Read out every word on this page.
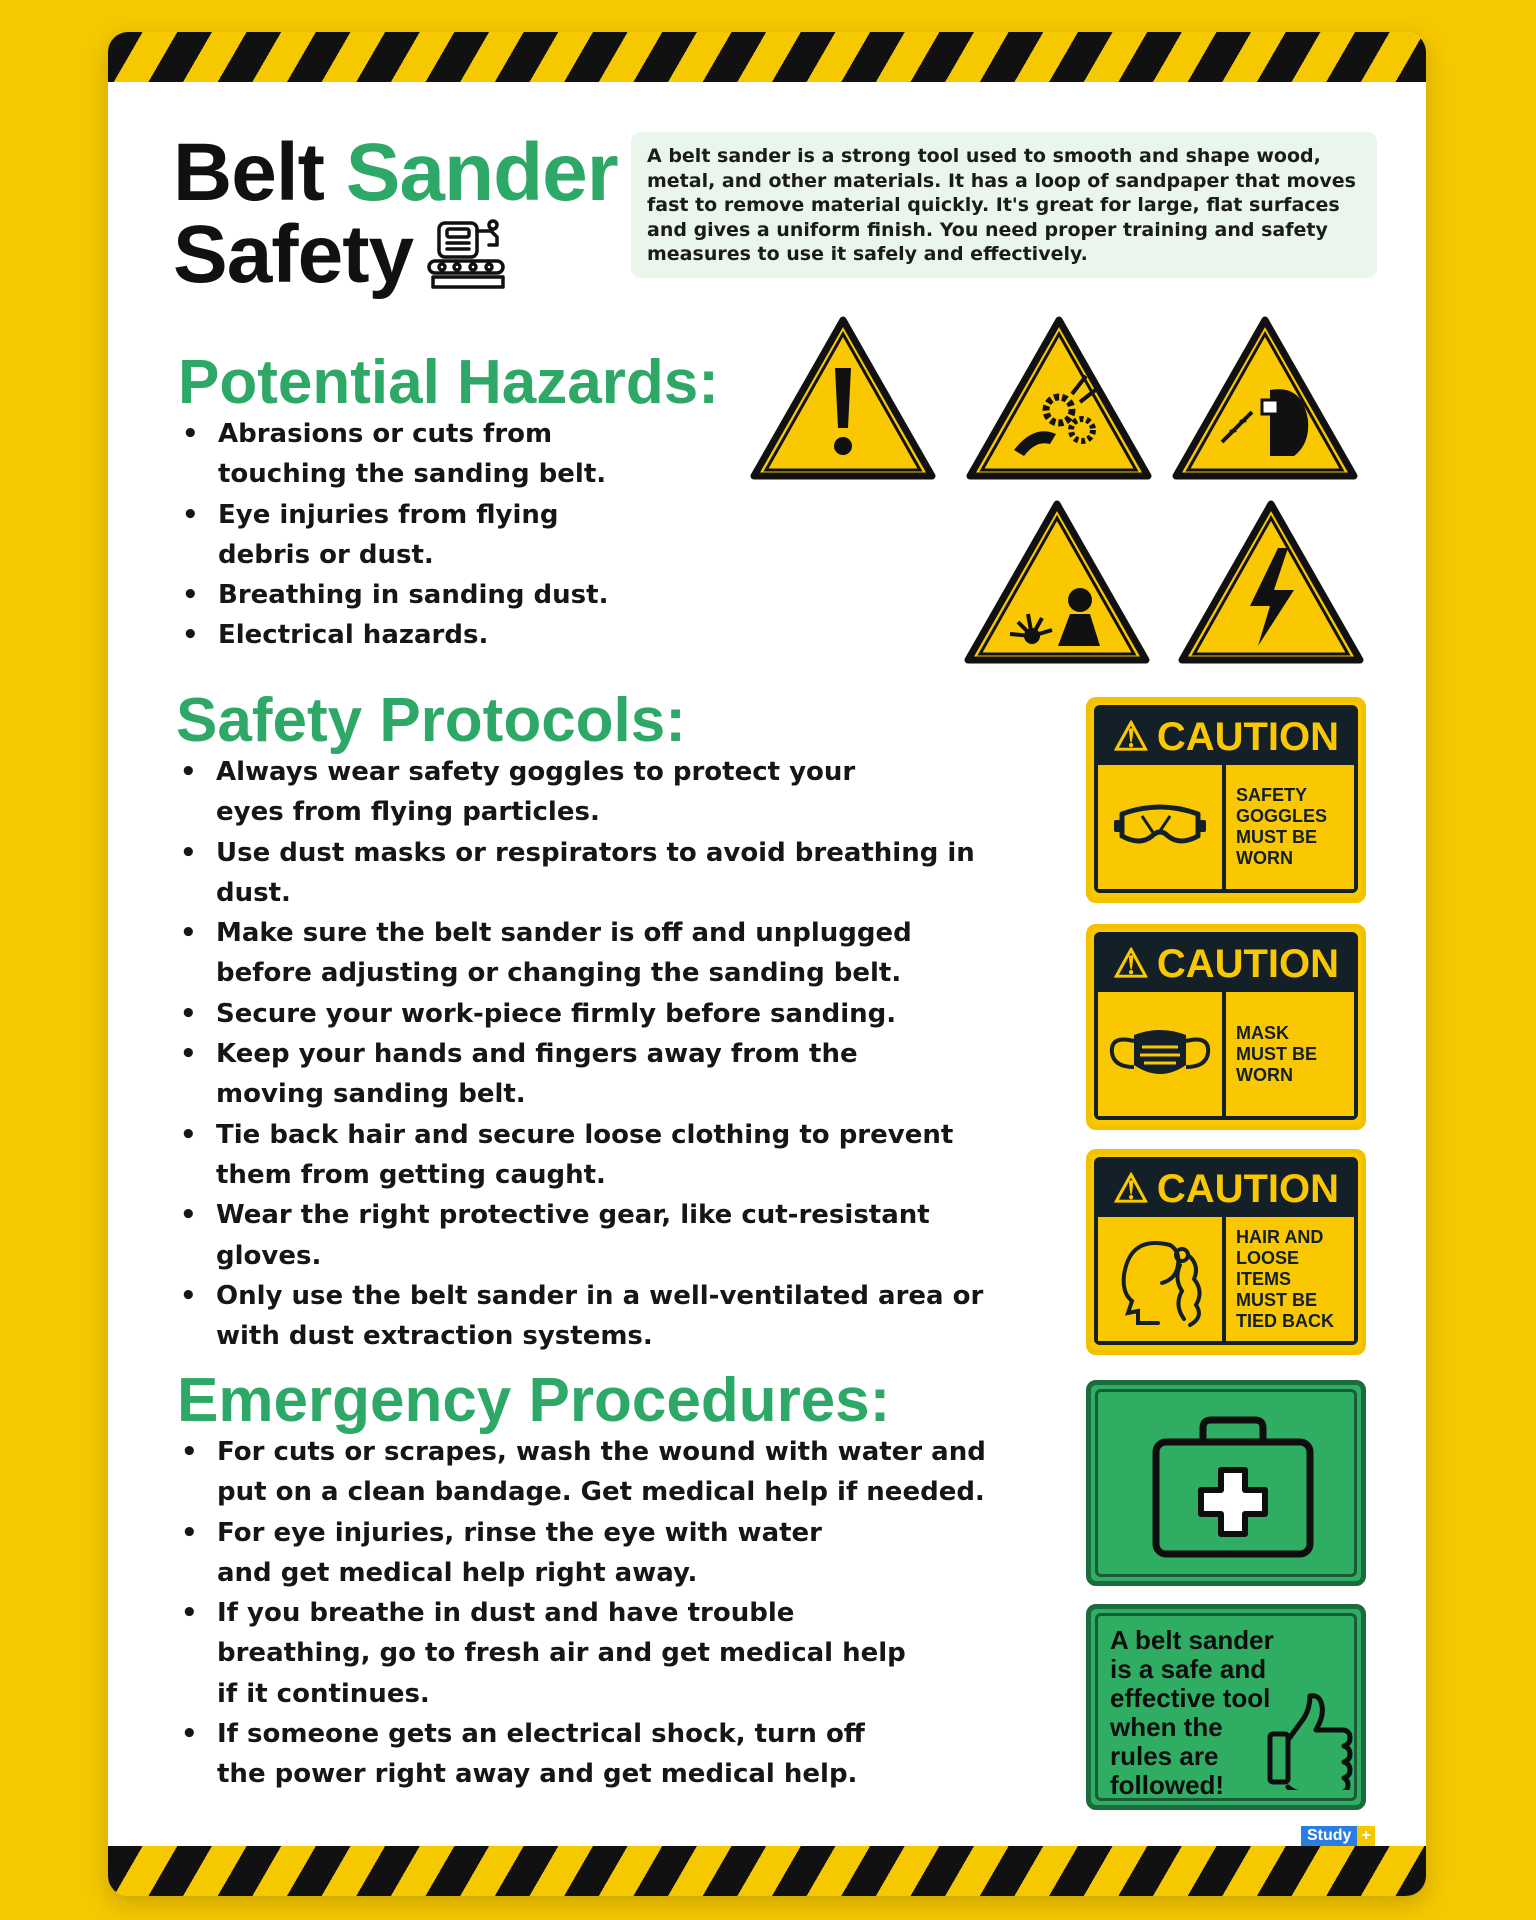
Belt Sander
Safety
A belt sander is a strong tool used to smooth and shape wood, metal, and other materials. It has a loop of sandpaper that moves fast to remove material quickly. It's great for large, flat surfaces and gives a uniform finish. You need proper training and safety measures to use it safely and effectively.
Potential Hazards:
• Abrasions or cuts from touching the sanding belt.
• Eye injuries from flying debris or dust.
• Breathing in sanding dust.
• Electrical hazards.
Safety Protocols:
• Always wear safety goggles to protect your eyes from flying particles.
• Use dust masks or respirators to avoid breathing in dust.
• Make sure the belt sander is off and unplugged before adjusting or changing the sanding belt.
• Secure your work-piece firmly before sanding.
• Keep your hands and fingers away from the moving sanding belt.
• Tie back hair and secure loose clothing to prevent them from getting caught.
• Wear the right protective gear, like cut-resistant gloves.
• Only use the belt sander in a well-ventilated area or with dust extraction systems.
⚠ CAUTION
SAFETY
GOGGLES
MUST BE
WORN
⚠ CAUTION
MASK
MUST BE
WORN
⚠ CAUTION
HAIR AND
LOOSE ITEMS
MUST BE
TIED BACK
Emergency Procedures:
• For cuts or scrapes, wash the wound with water and put on a clean bandage. Get medical help if needed.
• For eye injuries, rinse the eye with water and get medical help right away.
• If you breathe in dust and have trouble breathing, go to fresh air and get medical help if it continues.
• If someone gets an electrical shock, turn off the power right away and get medical help.
A belt sander is a safe and effective tool when the rules are followed!
Study +
